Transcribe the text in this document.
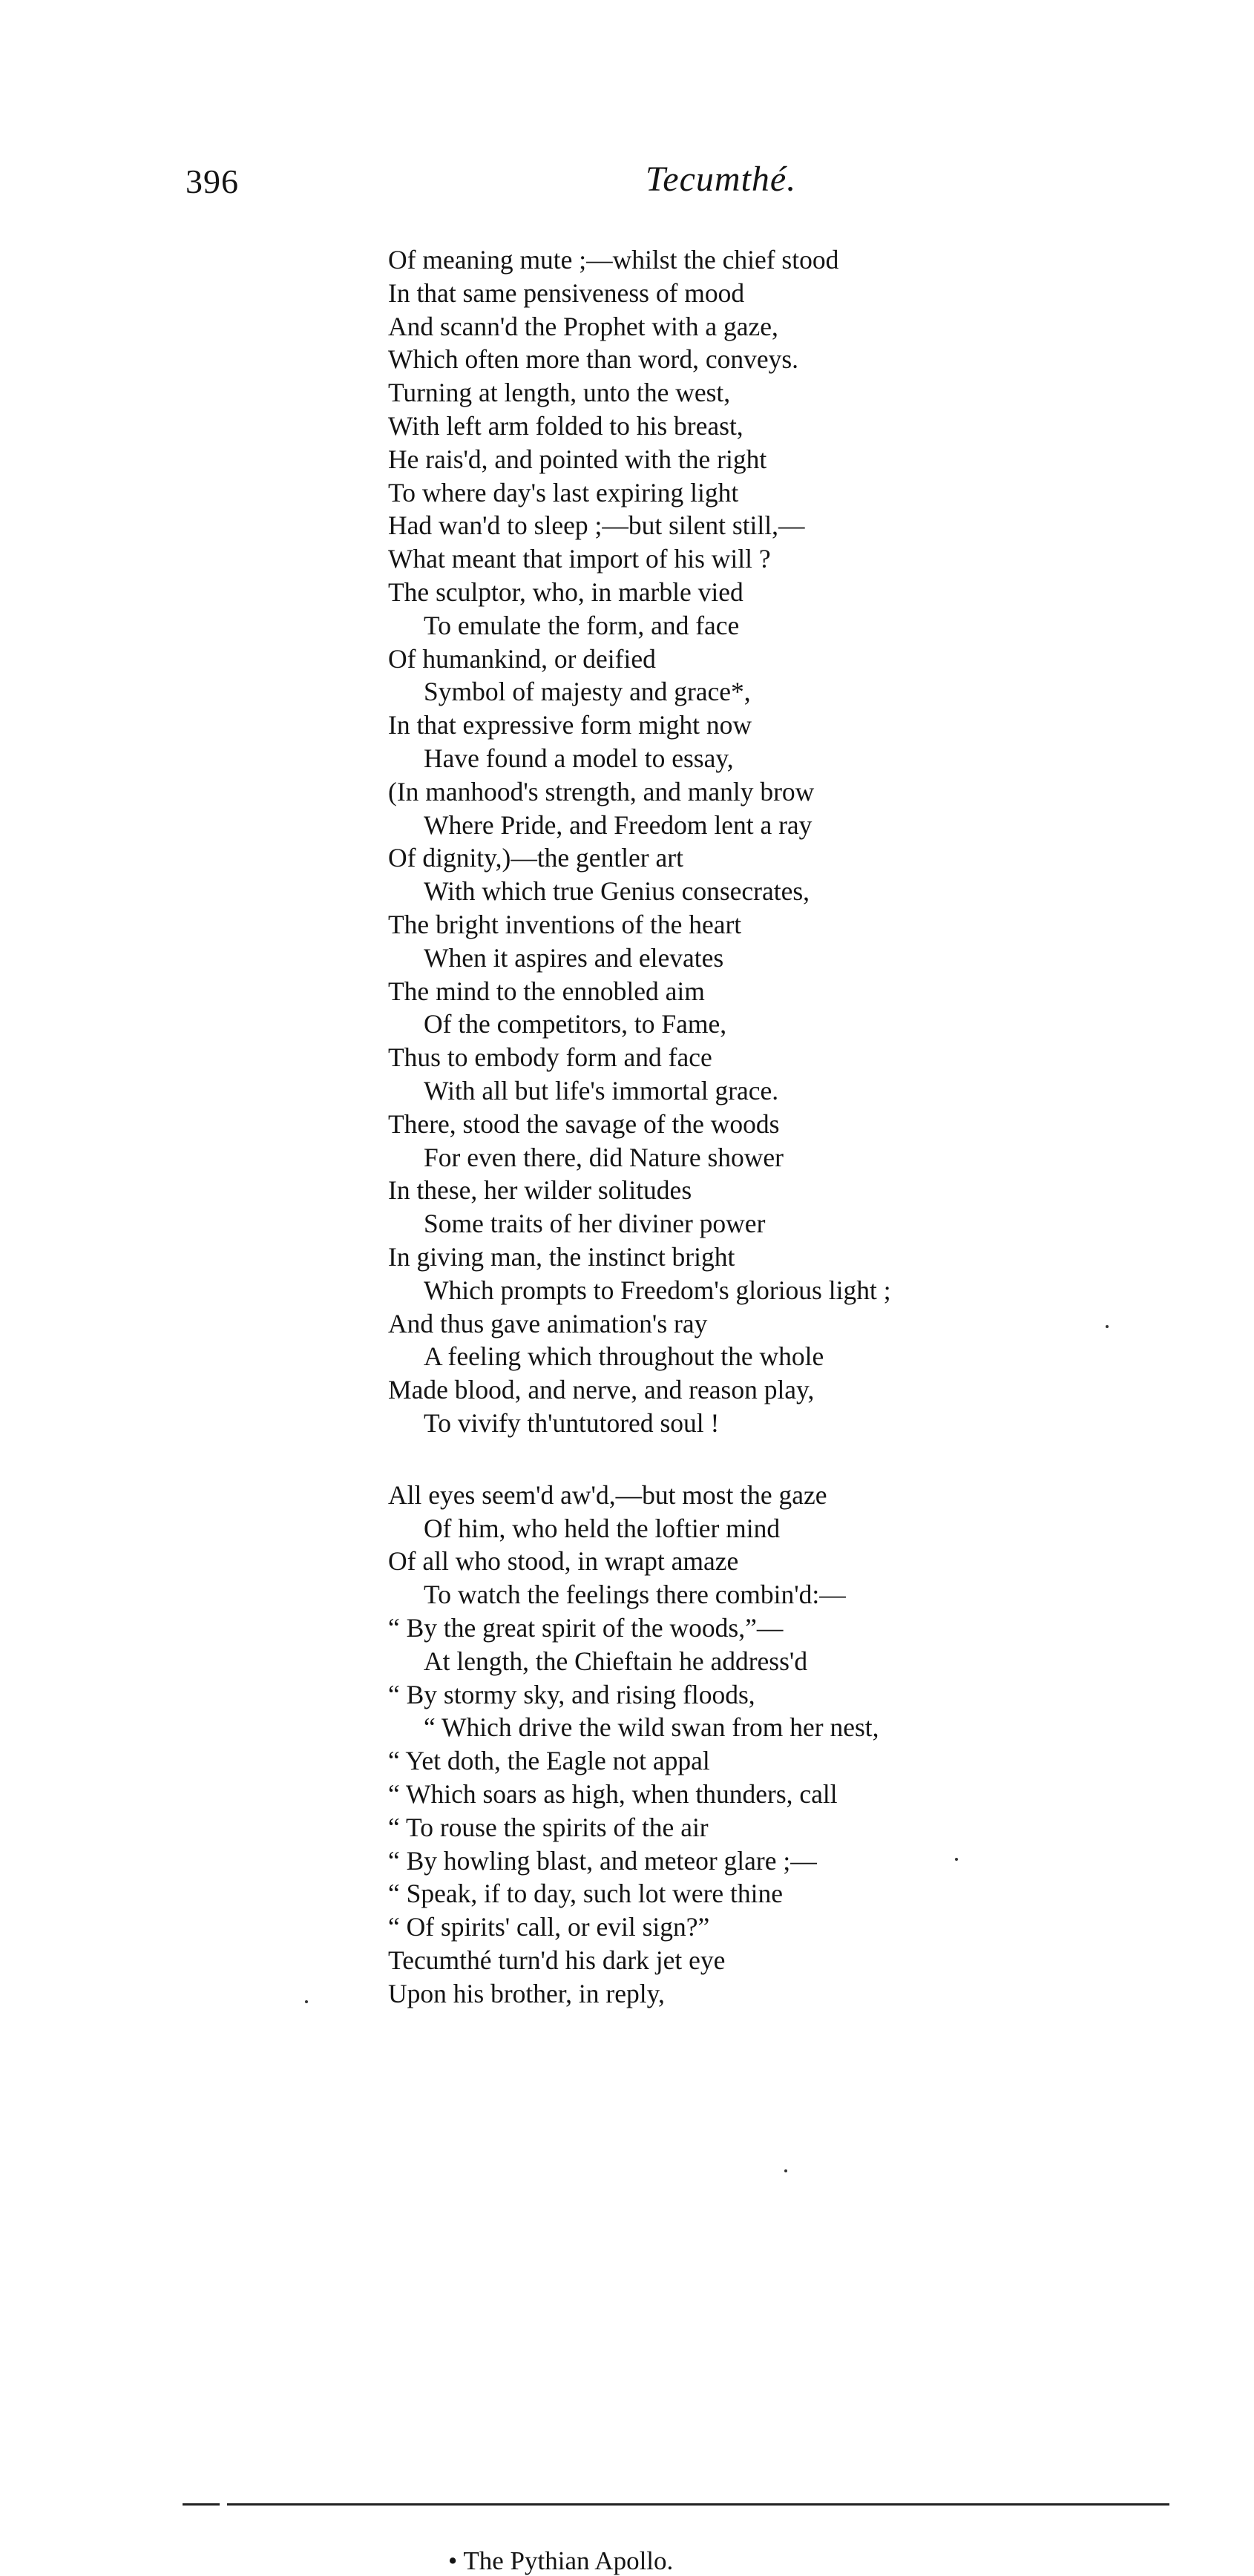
396	Tecumthé.
Of meaning mute ;—whilst the chief stood
In that same pensiveness of mood
And scann'd the Prophet with a gaze,
Which often more than word, conveys.
Turning at length, unto the west,
With left arm folded to his breast,
He rais'd, and pointed with the right
To where day's last expiring light
Had wan'd to sleep ;—but silent still,—
What meant that import of his will ?
The sculptor, who, in marble vied
To emulate the form, and face
Of humankind, or deified
Symbol of majesty and grace*,
In that expressive form might now
Have found a model to essay,
(In manhood's strength, and manly brow
Where Pride, and Freedom lent a ray
Of dignity,)—the gentler art
With which true Genius consecrates,
The bright inventions of the heart
When it aspires and elevates
The mind to the ennobled aim
Of the competitors, to Fame,
Thus to embody form and face
With all but life's immortal grace.
There, stood the savage of the woods
For even there, did Nature shower
In these, her wilder solitudes
Some traits of her diviner power
In giving man, the instinct bright
Which prompts to Freedom's glorious light ;
And thus gave animation's ray
A feeling which throughout the whole
Made blood, and nerve, and reason play,
To vivify th'untutored soul !
All eyes seem'd aw'd,—but most the gaze
Of him, who held the loftier mind
Of all who stood, in wrapt amaze
To watch the feelings there combin'd:—
“ By the great spirit of the woods,”—
At length, the Chieftain he address'd
“ By stormy sky, and rising floods,
“ Which drive the wild swan from her nest,
“ Yet doth, the Eagle not appal
“ Which soars as high, when thunders, call
“ To rouse the spirits of the air
“ By howling blast, and meteor glare ;—
“ Speak, if to day, such lot were thine
“ Of spirits' call, or evil sign?”
Tecumthé turn'd his dark jet eye
Upon his brother, in reply,
• The Pythian Apollo.
